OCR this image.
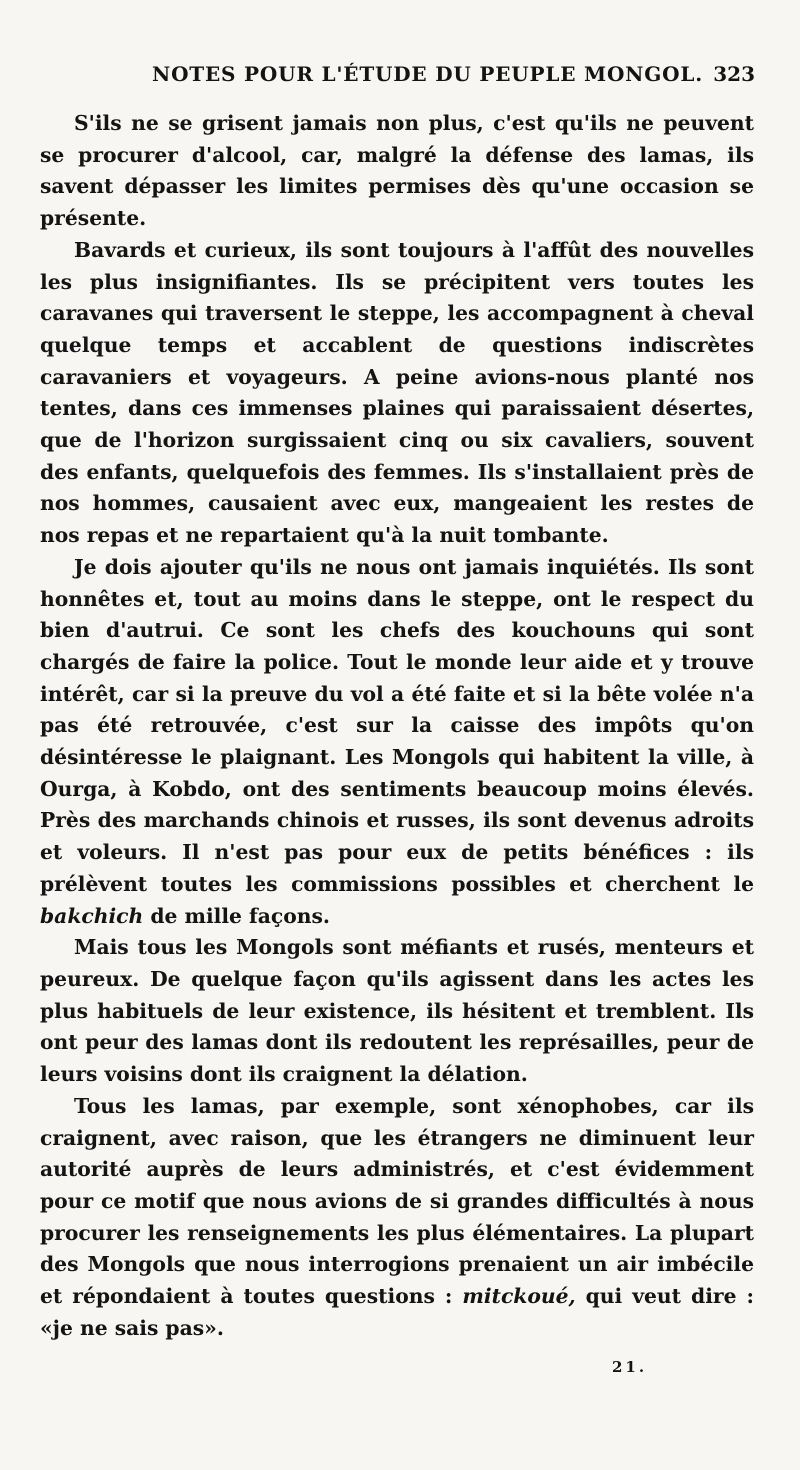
NOTES POUR L'ÉTUDE DU PEUPLE MONGOL. 323

S'ils ne se grisent jamais non plus, c'est qu'ils ne peuvent se procurer d'alcool, car, malgré la défense des lamas, ils savent dépasser les limites permises dès qu'une occasion se présente.

Bavards et curieux, ils sont toujours à l'affût des nouvelles les plus insignifiantes. Ils se précipitent vers toutes les caravanes qui traversent le steppe, les accompagnent à cheval quelque temps et accablent de questions indiscrètes caravaniers et voyageurs. A peine avions-nous planté nos tentes, dans ces immenses plaines qui paraissaient désertes, que de l'horizon surgissaient cinq ou six cavaliers, souvent des enfants, quelquefois des femmes. Ils s'installaient près de nos hommes, causaient avec eux, mangeaient les restes de nos repas et ne repartaient qu'à la nuit tombante.

Je dois ajouter qu'ils ne nous ont jamais inquiétés. Ils sont honnêtes et, tout au moins dans le steppe, ont le respect du bien d'autrui. Ce sont les chefs des kouchouns qui sont chargés de faire la police. Tout le monde leur aide et y trouve intérêt, car si la preuve du vol a été faite et si la bête volée n'a pas été retrouvée, c'est sur la caisse des impôts qu'on désintéresse le plaignant. Les Mongols qui habitent la ville, à Ourga, à Kobdo, ont des sentiments beaucoup moins élevés. Près des marchands chinois et russes, ils sont devenus adroits et voleurs. Il n'est pas pour eux de petits bénéfices : ils prélèvent toutes les commissions possibles et cherchent le bakchich de mille façons.

Mais tous les Mongols sont méfiants et rusés, menteurs et peureux. De quelque façon qu'ils agissent dans les actes les plus habituels de leur existence, ils hésitent et tremblent. Ils ont peur des lamas dont ils redoutent les représailles, peur de leurs voisins dont ils craignent la délation.

Tous les lamas, par exemple, sont xénophobes, car ils craignent, avec raison, que les étrangers ne diminuent leur autorité auprès de leurs administrés, et c'est évidemment pour ce motif que nous avions de si grandes difficultés à nous procurer les renseignements les plus élémentaires. La plupart des Mongols que nous interrogions prenaient un air imbécile et répondaient à toutes questions : mitckoué, qui veut dire : «je ne sais pas».

21.
